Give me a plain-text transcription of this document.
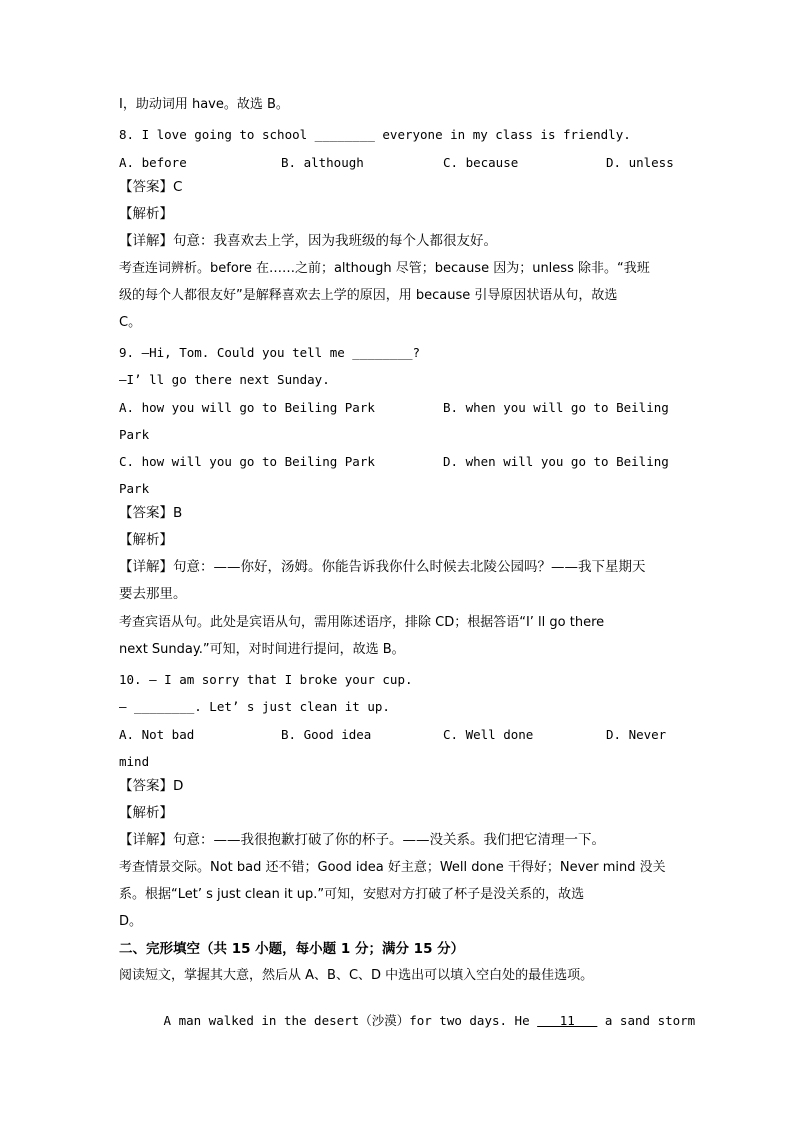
I，助动词用 have。故选 B。
8. I love going to school ________ everyone in my class is friendly.
A. before	B. although	C. because	D. unless
【答案】C
【解析】
【详解】句意：我喜欢去上学，因为我班级的每个人都很友好。
考查连词辨析。before 在……之前；although 尽管；because 因为；unless 除非。“我班
级的每个人都很友好”是解释喜欢去上学的原因，用 because 引导原因状语从句，故选
C。
9. —Hi, Tom. Could you tell me ________?
—I’ ll go there next Sunday.
A. how you will go to Beiling Park	B. when you will go to Beiling
Park
C. how will you go to Beiling Park	D. when will you go to Beiling
Park
【答案】B
【解析】
【详解】句意：——你好，汤姆。你能告诉我你什么时候去北陵公园吗？——我下星期天
要去那里。
考查宾语从句。此处是宾语从句，需用陈述语序，排除 CD；根据答语“I’ ll go there
next Sunday.”可知，对时间进行提问，故选 B。
10. — I am sorry that I broke your cup.
— ________. Let’ s just clean it up.
A. Not bad	B. Good idea	C. Well done	D. Never
mind
【答案】D
【解析】
【详解】句意：——我很抱歉打破了你的杯子。——没关系。我们把它清理一下。
考查情景交际。Not bad 还不错；Good idea 好主意；Well done 干得好；Never mind 没关
系。根据“Let’ s just clean it up.”可知，安慰对方打破了杯子是没关系的，故选
D。
二、完形填空（共 15 小题，每小题 1 分；满分 15 分）
阅读短文，掌握其大意，然后从 A、B、C、D 中选出可以填入空白处的最佳选项。

A man walked in the desert（沙漠）for two days. He    11    a sand storm
